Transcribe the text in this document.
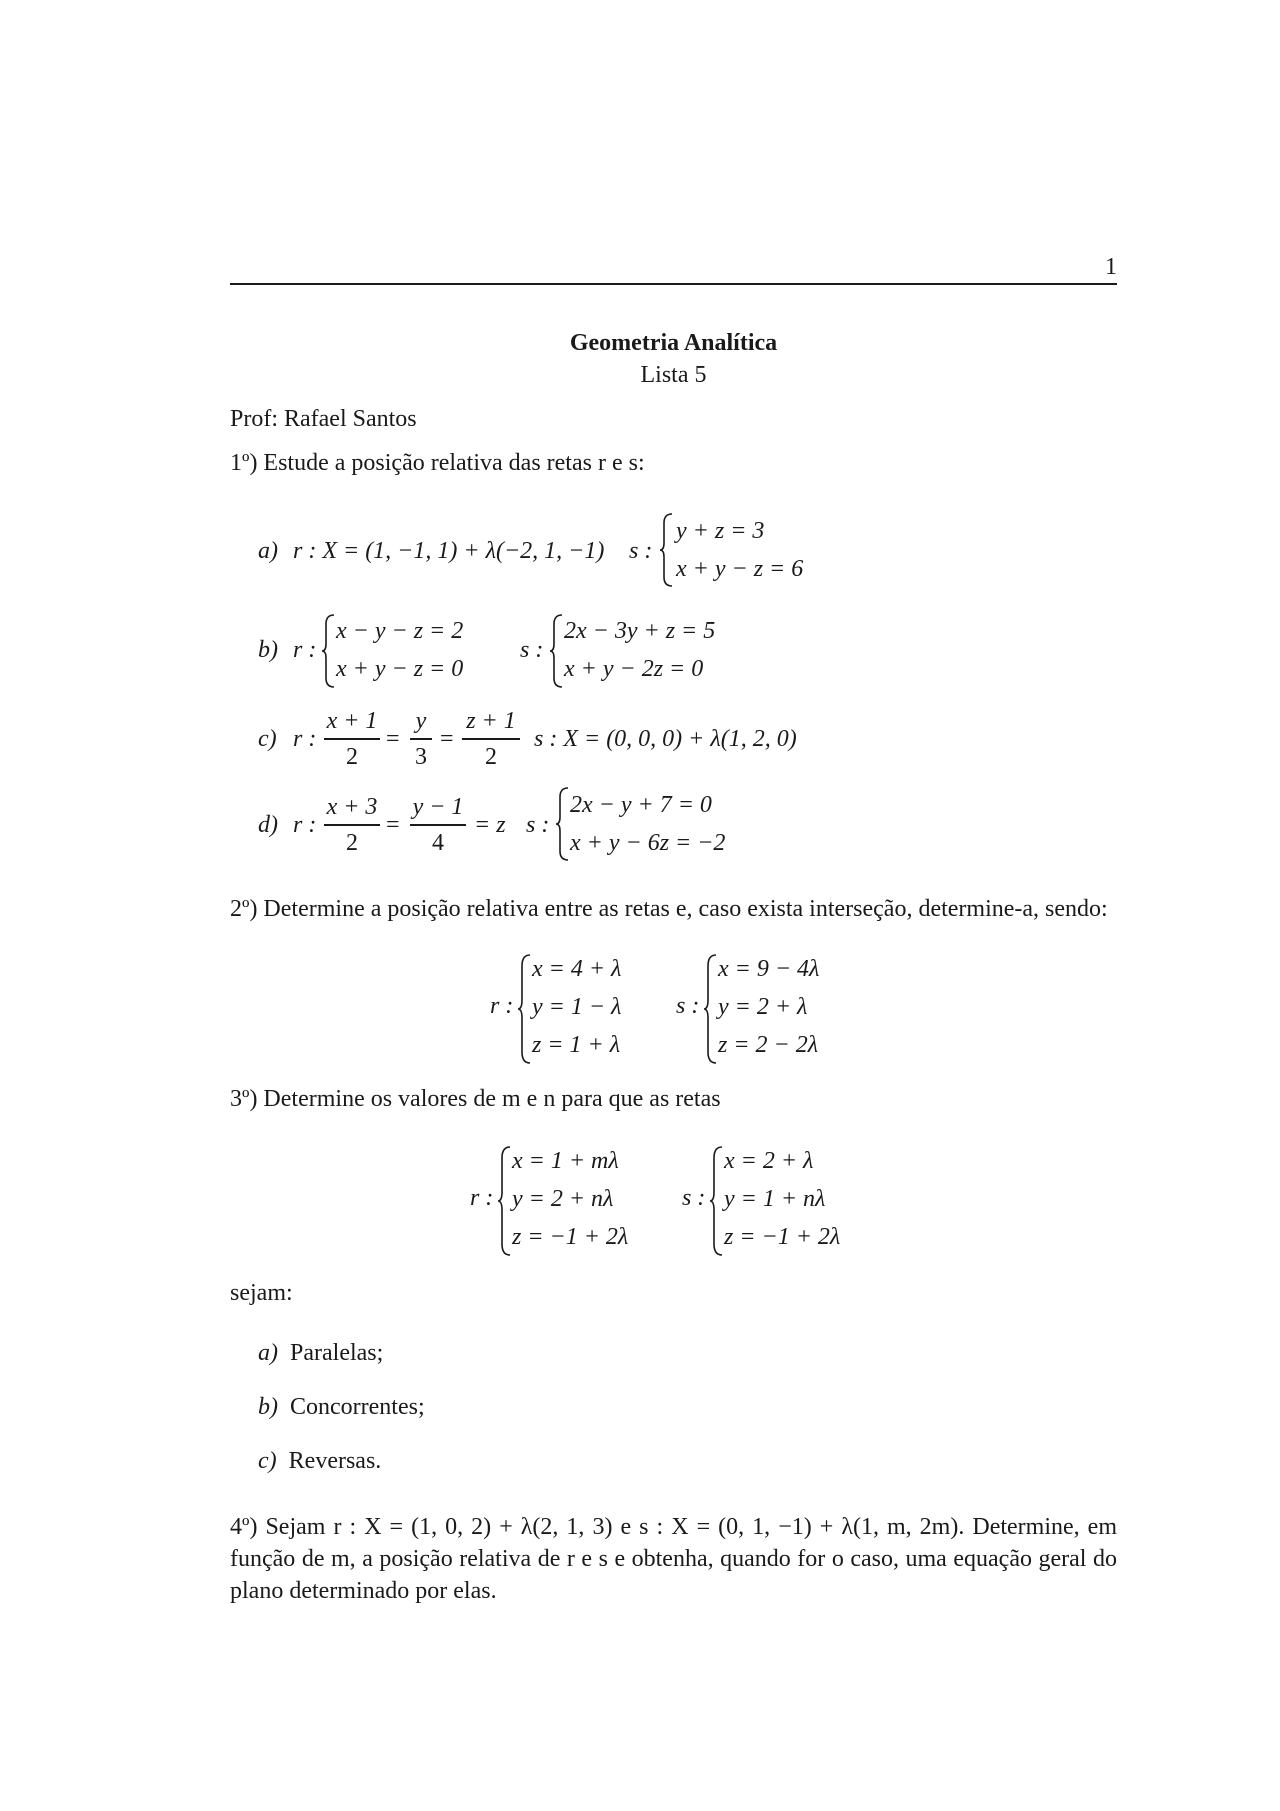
1
Geometria Analítica
Lista 5
Prof: Rafael Santos
1º) Estude a posição relativa das retas r e s:
a) r : X = (1, −1, 1) + λ(−2, 1, −1) s :
y + z = 3
x + y − z = 6
b) r :
x − y − z = 2
x + y − z = 0
s :
2x − 3y + z = 5
x + y − 2z = 0
c) r :
x + 1
2
=
y
3
=
z + 1
2
s : X = (0, 0, 0) + λ(1, 2, 0)
d) r :
x + 3
2
=
y − 1
4
= z s :
2x − y + 7 = 0
x + y − 6z = −2
2º) Determine a posição relativa entre as retas e, caso exista interseção, determine-a, sendo:
r :
x = 4 + λ
y = 1 − λ
z = 1 + λ
s :
x = 9 − 4λ
y = 2 + λ
z = 2 − 2λ
3º) Determine os valores de m e n para que as retas
r :
x = 1 + mλ
y = 2 + nλ
z = −1 + 2λ
s :
x = 2 + λ
y = 1 + nλ
z = −1 + 2λ
sejam:
a) Paralelas;
b) Concorrentes;
c) Reversas.
4º) Sejam r : X = (1, 0, 2) + λ(2, 1, 3) e s : X = (0, 1, −1) + λ(1, m, 2m). Determine, em função de m, a posição relativa de r e s e obtenha, quando for o caso, uma equação geral do plano determinado por elas.
